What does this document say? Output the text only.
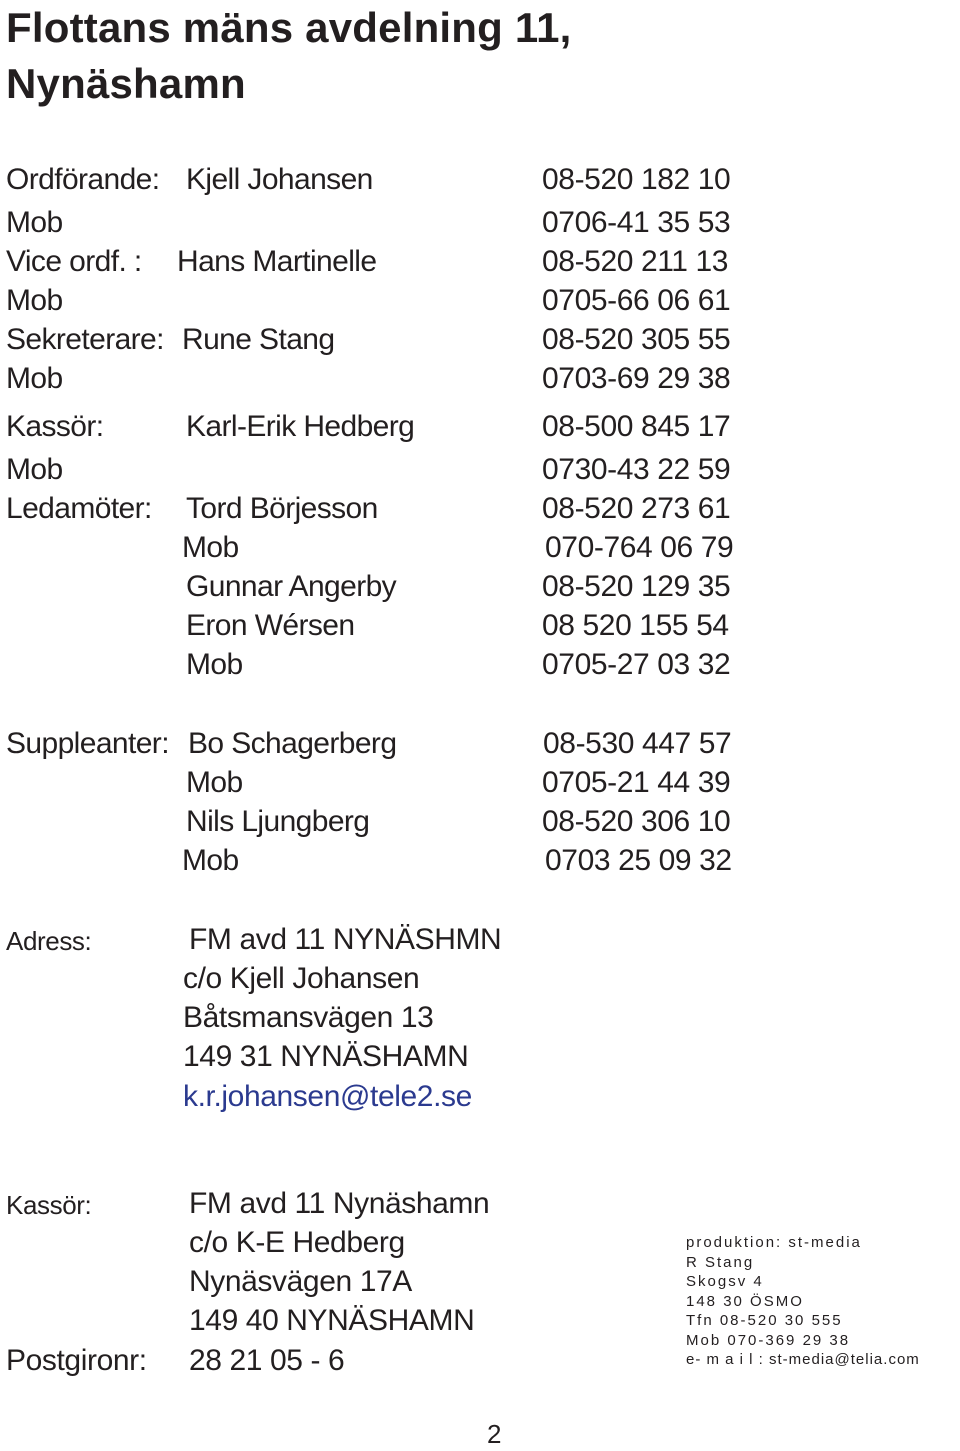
Flottans mäns avdelning 11,
Nynäshamn
Ordförande: Kjell Johansen	08-520 182 10
Mob	0706-41 35 53
Vice ordf. : Hans Martinelle	08-520 211 13
Mob	0705-66 06 61
Sekreterare: Rune Stang	08-520 305 55
Mob	0703-69 29 38
Kassör:	Karl-Erik Hedberg	08-500 845 17
Mob	0730-43 22 59
Ledamöter: Tord Börjesson	08-520 273 61
Mob	070-764 06 79
Gunnar Angerby	08-520 129 35
Eron Wérsen	08 520 155 54
Mob	0705-27 03 32
Suppleanter: Bo Schagerberg	08-530 447 57
Mob	0705-21 44 39
Nils Ljungberg	08-520 306 10
Mob	0703 25 09 32
Adress:	FM avd 11 NYNÄSHMN
c/o Kjell Johansen
Båtsmansvägen 13
149 31 NYNÄSHAMN
k.r.johansen@tele2.se
Kassör:	FM avd 11 Nynäshamn
c/o K-E Hedberg
Nynäsvägen 17A
149 40 NYNÄSHAMN
Postgironr: 28 21 05 - 6
produktion: st-media
R Stang
Skogsv 4
148 30 ÖSMO
Tfn 08-520 30 555
Mob 070-369 29 38
e- m a i l : st-media@telia.com
2
